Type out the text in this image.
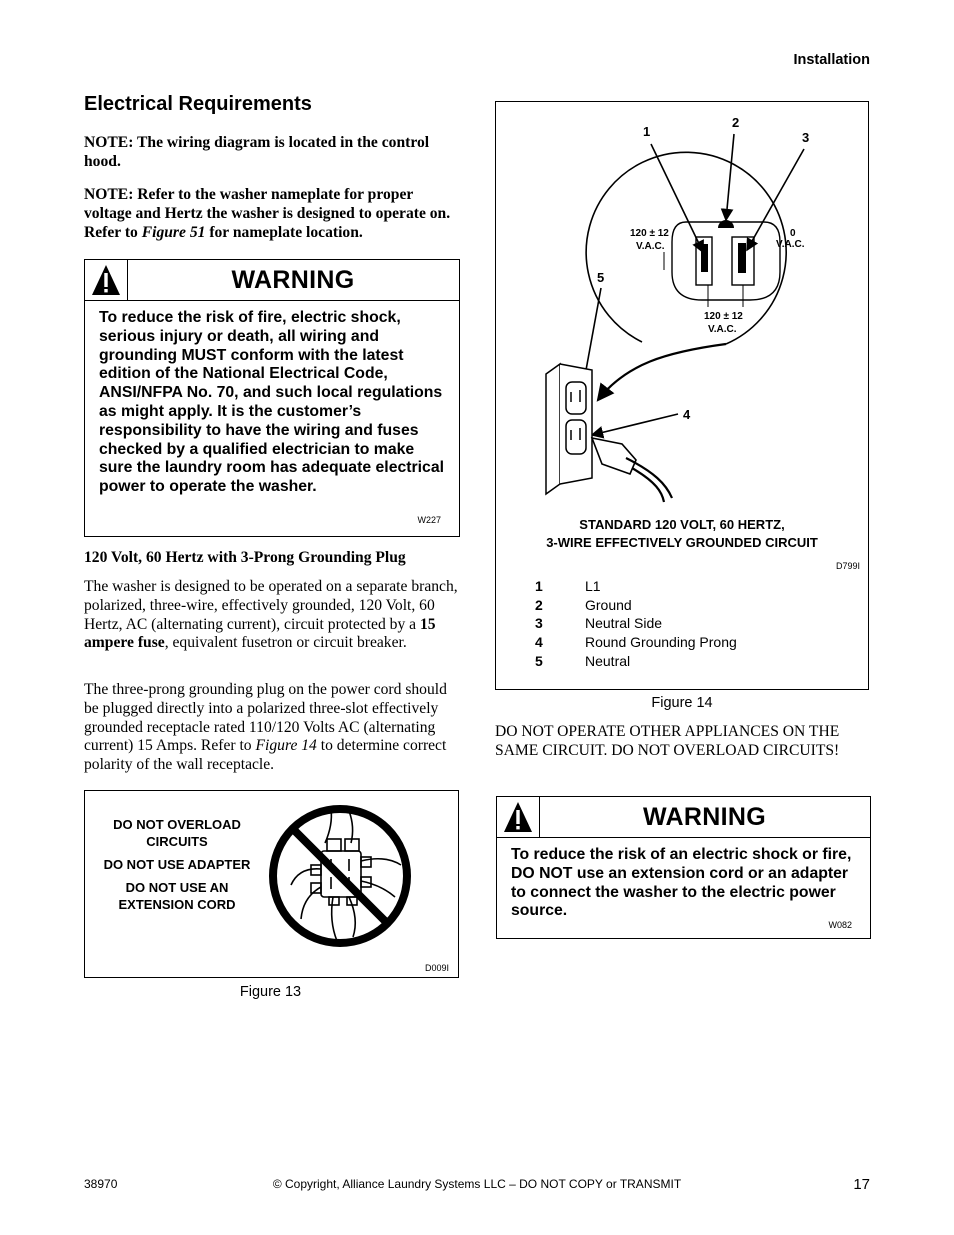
Installation
Electrical Requirements
NOTE: The wiring diagram is located in the control hood.
NOTE: Refer to the washer nameplate for proper voltage and Hertz the washer is designed to operate on. Refer to Figure 51 for nameplate location.
WARNING
To reduce the risk of fire, electric shock, serious injury or death, all wiring and grounding MUST conform with the latest edition of the National Electrical Code, ANSI/NFPA No. 70, and such local regulations as might apply. It is the customer’s responsibility to have the wiring and fuses checked by a qualified electrician to make sure the laundry room has adequate electrical power to operate the washer.
W227
120 Volt, 60 Hertz with 3-Prong Grounding Plug
The washer is designed to be operated on a separate branch, polarized, three-wire, effectively grounded, 120 Volt, 60 Hertz, AC (alternating current), circuit protected by a 15 ampere fuse, equivalent fusetron or circuit breaker.
The three-prong grounding plug on the power cord should be plugged directly into a polarized three-slot effectively grounded receptacle rated 110/120 Volts AC (alternating current) 15 Amps. Refer to Figure 14 to determine correct polarity of the wall receptacle.
DO NOT OVERLOAD CIRCUITS
DO NOT USE ADAPTER
DO NOT USE AN EXTENSION CORD
D009I
Figure 13
1
2
3
5
4
120 ± 12
V.A.C.
0
V.A.C.
120 ± 12
V.A.C.
STANDARD 120 VOLT, 60 HERTZ,
3-WIRE EFFECTIVELY GROUNDED CIRCUIT
D799I
1	L1
2	Ground
3	Neutral Side
4	Round Grounding Prong
5	Neutral
Figure 14
DO NOT OPERATE OTHER APPLIANCES ON THE SAME CIRCUIT. DO NOT OVERLOAD CIRCUITS!
WARNING
To reduce the risk of an electric shock or fire, DO NOT use an extension cord or an adapter to connect the washer to the electric power source.
W082
38970	© Copyright, Alliance Laundry Systems LLC – DO NOT COPY or TRANSMIT	17
